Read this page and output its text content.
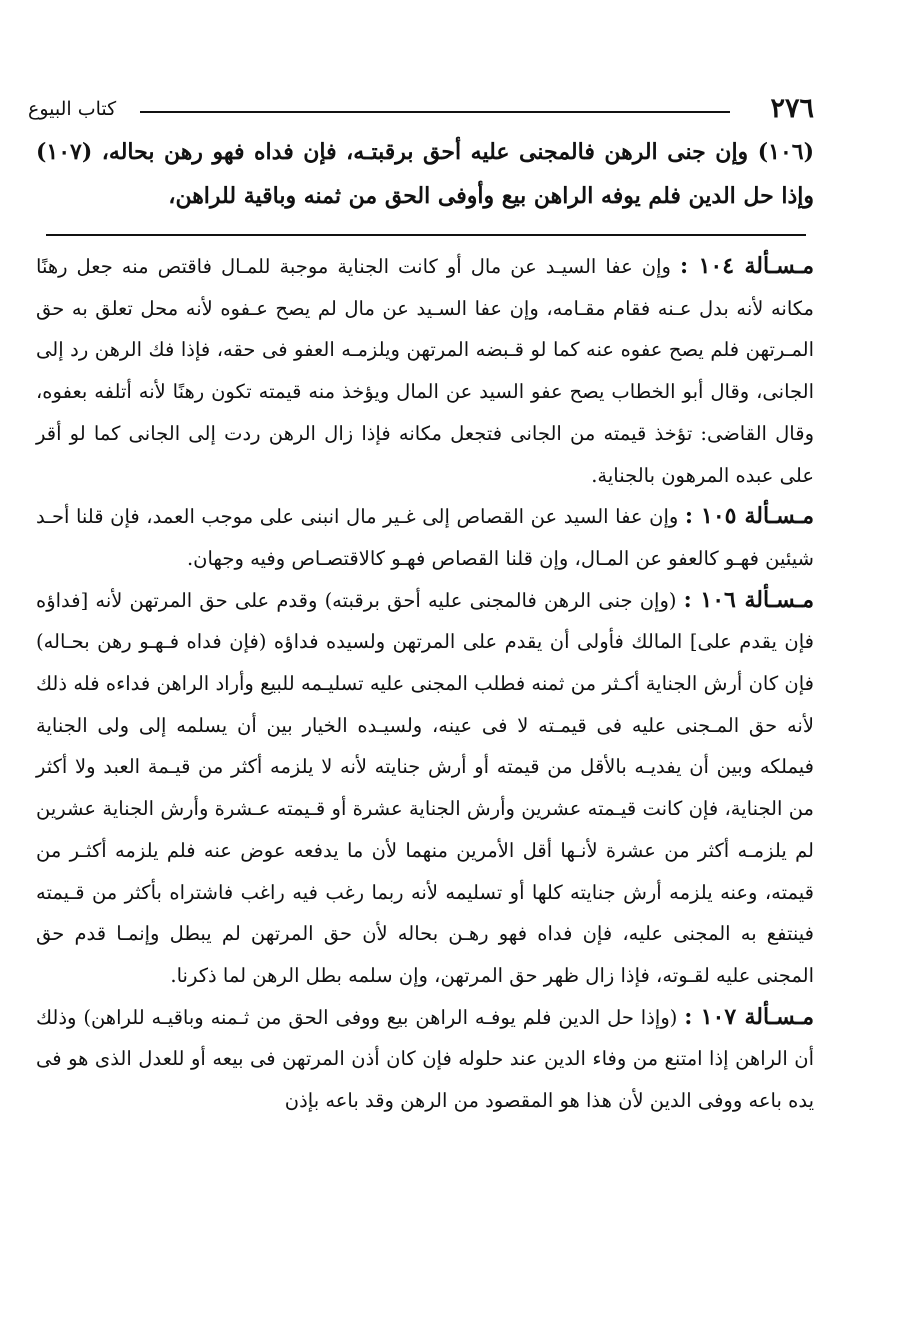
٢٧٦
كتاب البيوع

(١٠٦) وإن جنى الرهن فالمجنى عليه أحق برقبتـه، فإن فداه فهو رهن بحاله، (١٠٧) وإذا حل الدين فلم يوفه الراهن بيع وأوفى الحق من ثمنه وباقية للراهن،

مـسـألة ١٠٤ : وإن عفا السيـد عن مال أو كانت الجناية موجبة للمـال فاقتص منه جعل رهنًا مكانه لأنه بدل عـنه فقام مقـامه، وإن عفا السـيد عن مال لم يصح عـفوه لأنه محل تعلق به حق المـرتهن فلم يصح عفوه عنه كما لو قـبضه المرتهن ويلزمـه العفو فى حقه، فإذا فك الرهن رد إلى الجانى، وقال أبو الخطاب يصح عفو السيد عن المال ويؤخذ منه قيمته تكون رهنًا لأنه أتلفه بعفوه، وقال القاضى: تؤخذ قيمته من الجانى فتجعل مكانه فإذا زال الرهن ردت إلى الجانى كما لو أقر على عبده المرهون بالجناية.

مـسـألة ١٠٥ : وإن عفا السيد عن القصاص إلى غـير مال انبنى على موجب العمد، فإن قلنا أحـد شيئين فهـو كالعفو عن المـال، وإن قلنا القصاص فهـو كالاقتصـاص وفيه وجهان.

مـسـألة ١٠٦ : (وإن جنى الرهن فالمجنى عليه أحق برقبته) وقدم على حق المرتهن لأنه [فداؤه فإن يقدم على] المالك فأولى أن يقدم على المرتهن ولسيده فداؤه (فإن فداه فـهـو رهن بحـاله) فإن كان أرش الجناية أكـثر من ثمنه فطلب المجنى عليه تسليـمه للبيع وأراد الراهن فداءه فله ذلك لأنه حق المـجنى عليه فى قيمـته لا فى عينه، ولسيـده الخيار بين أن يسلمه إلى ولى الجناية فيملكه وبين أن يفديـه بالأقل من قيمته أو أرش جنايته لأنه لا يلزمه أكثر من قيـمة العبد ولا أكثر من الجناية، فإن كانت قيـمته عشرين وأرش الجناية عشرة أو قـيمته عـشرة وأرش الجناية عشرين لم يلزمـه أكثر من عشرة لأنـها أقل الأمرين منهما لأن ما يدفعه عوض عنه فلم يلزمه أكثـر من قيمته، وعنه يلزمه أرش جنايته كلها أو تسليمه لأنه ربما رغب فيه راغب فاشتراه بأكثر من قـيمته فينتفع به المجنى عليه، فإن فداه فهو رهـن بحاله لأن حق المرتهن لم يبطل وإنمـا قدم حق المجنى عليه لقـوته، فإذا زال ظهر حق المرتهن، وإن سلمه بطل الرهن لما ذكرنا.

مـسـألة ١٠٧ : (وإذا حل الدين فلم يوفـه الراهن بيع ووفى الحق من ثـمنه وباقيـه للراهن) وذلك أن الراهن إذا امتنع من وفاء الدين عند حلوله فإن كان أذن المرتهن فى بيعه أو للعدل الذى هو فى يده باعه ووفى الدين لأن هذا هو المقصود من الرهن وقد باعه بإذن
